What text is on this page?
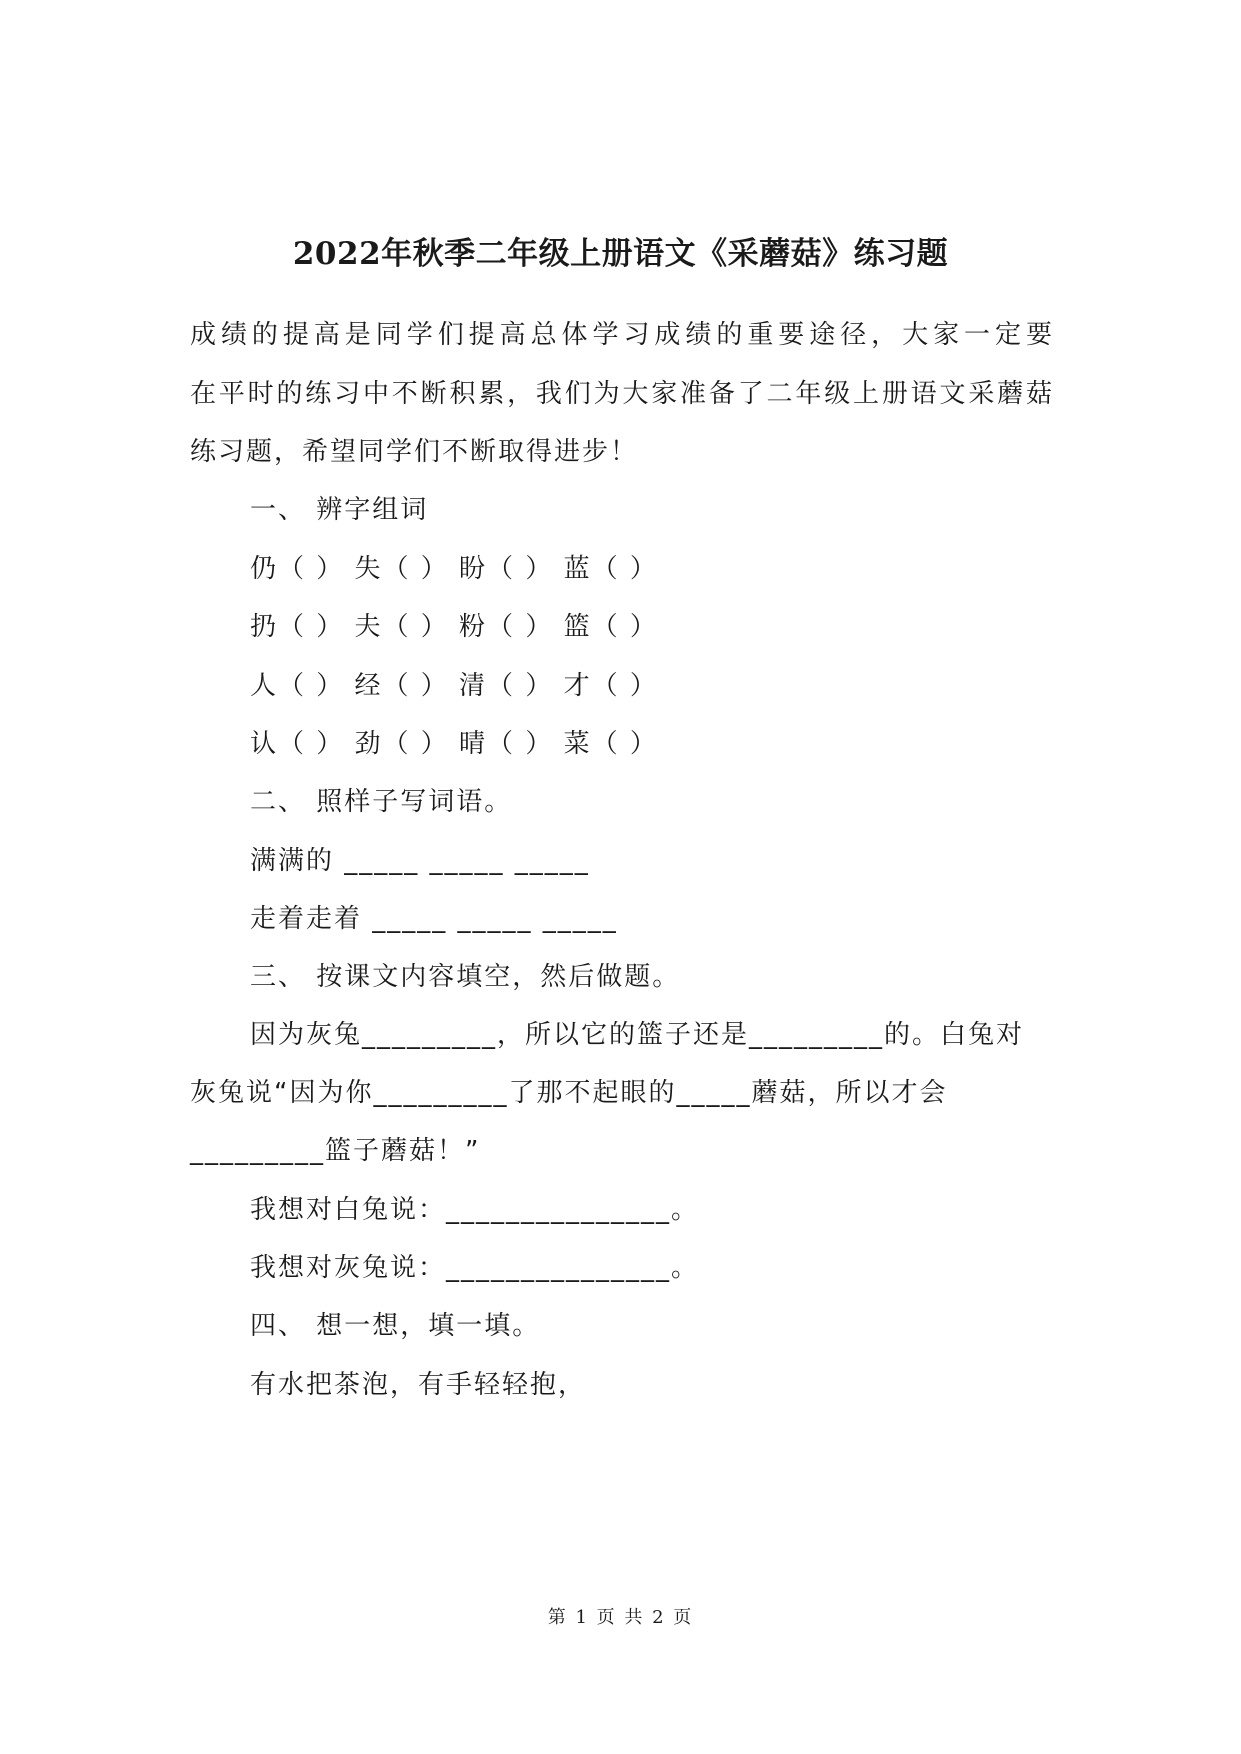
2022年秋季二年级上册语文《采蘑菇》练习题

成绩的提高是同学们提高总体学习成绩的重要途径，大家一定要

在平时的练习中不断积累，我们为大家准备了二年级上册语文采蘑菇

练习题，希望同学们不断取得进步！

一、 辨字组词

仍（ ） 失（ ） 盼（ ） 蓝（ ）

扔（ ） 夫（ ） 粉（ ） 篮（ ）

人（ ） 经（ ） 清（ ） 才（ ）

认（ ） 劲（ ） 晴（ ） 菜（ ）

二、 照样子写词语。

满满的 _____ _____ _____

走着走着 _____ _____ _____

三、 按课文内容填空，然后做题。

因为灰兔_________，所以它的篮子还是_________的。白兔对

灰兔说“因为你_________了那不起眼的_____蘑菇，所以才会

_________篮子蘑菇！”

我想对白兔说：_______________。

我想对灰兔说：_______________。

四、 想一想，填一填。

有水把茶泡，有手轻轻抱，

第 1 页 共 2 页
